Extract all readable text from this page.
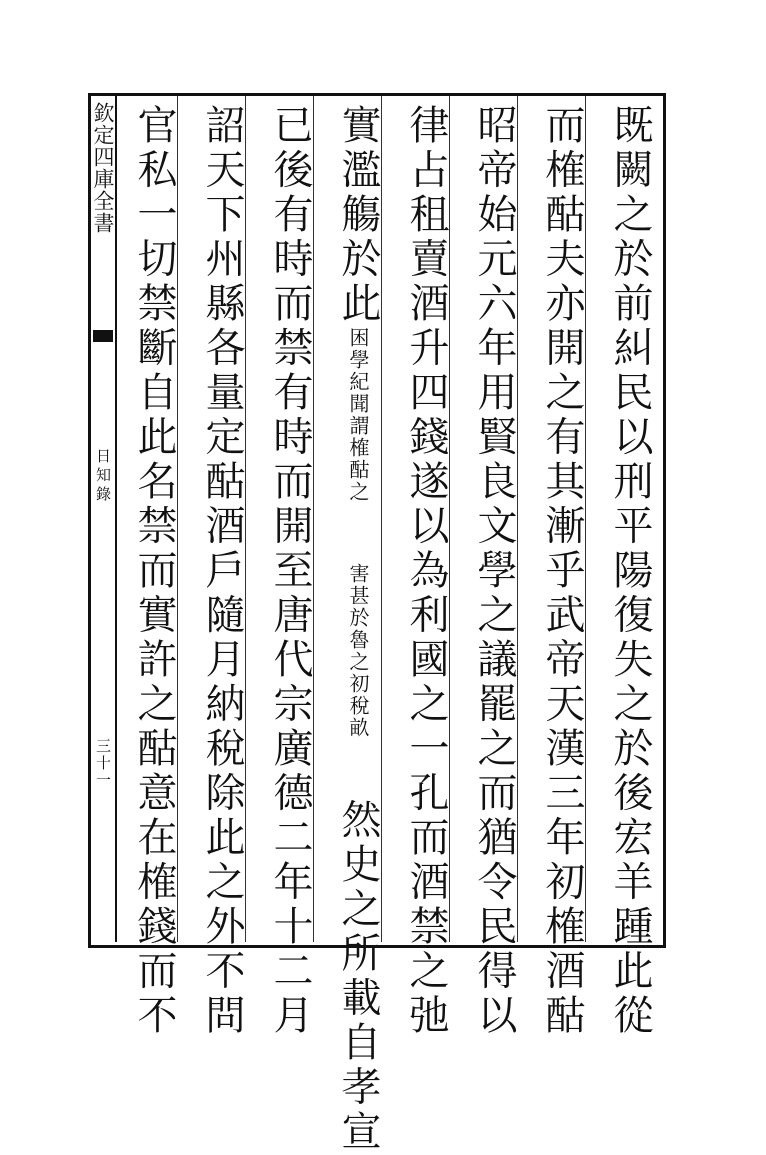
欽定四庫全書
日知錄
三十一	既闕之於前糾民以刑平陽復失之於後宏羊踵此從
而榷酤夫亦開之有其漸乎武帝天漢三年初榷酒酤
昭帝始元六年用賢良文學之議罷之而猶令民得以
律占租賣酒升四錢遂以為利國之一孔而酒禁之弛
實濫觴於此困學紀聞謂榷酤之害甚於魯之初稅畝然史之所載自孝宣
已後有時而禁有時而開至唐代宗廣德二年十二月
詔天下州縣各量定酤酒戶隨月納稅除此之外不問
官私一切禁斷自此名禁而實許之酤意在榷錢而不
